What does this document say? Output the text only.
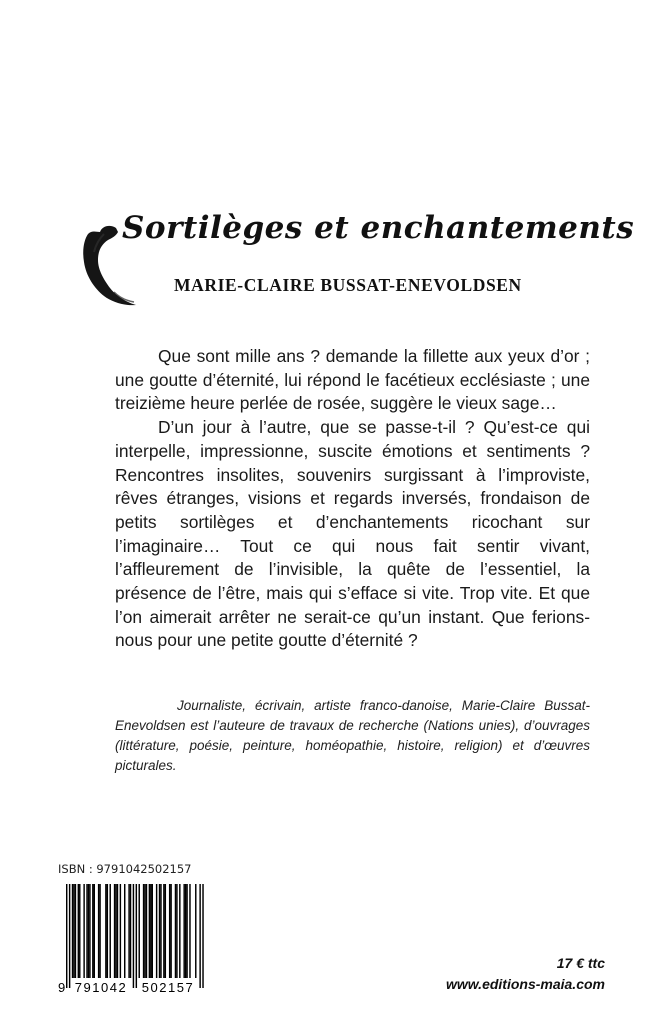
Sortilèges et enchantements
MARIE-CLAIRE BUSSAT-ENEVOLDSEN

Que sont mille ans ? demande la fillette aux yeux d’or ; une goutte d’éternité, lui répond le facétieux ecclésiaste ; une treizième heure perlée de rosée, suggère le vieux sage…

D’un jour à l’autre, que se passe-t-il ? Qu’est-ce qui interpelle, impressionne, suscite émotions et sentiments ? Rencontres insolites, souvenirs surgissant à l’improviste, rêves étranges, visions et regards inversés, frondaison de petits sortilèges et d’enchantements ricochant sur l’imaginaire… Tout ce qui nous fait sentir vivant, l’affleurement de l’invisible, la quête de l’essentiel, la présence de l’être, mais qui s’efface si vite. Trop vite. Et que l’on aimerait arrêter ne serait-ce qu’un instant. Que ferions-nous pour une petite goutte d’éternité ?

Journaliste, écrivain, artiste franco-danoise, Marie-Claire Bussat-Enevoldsen est l’auteure de travaux de recherche (Nations unies), d’ouvrages (littérature, poésie, peinture, homéopathie, histoire, religion) et d’œuvres picturales.

ISBN : 9791042502157

9 791042 502157

17 € ttc

www.editions-maia.com
